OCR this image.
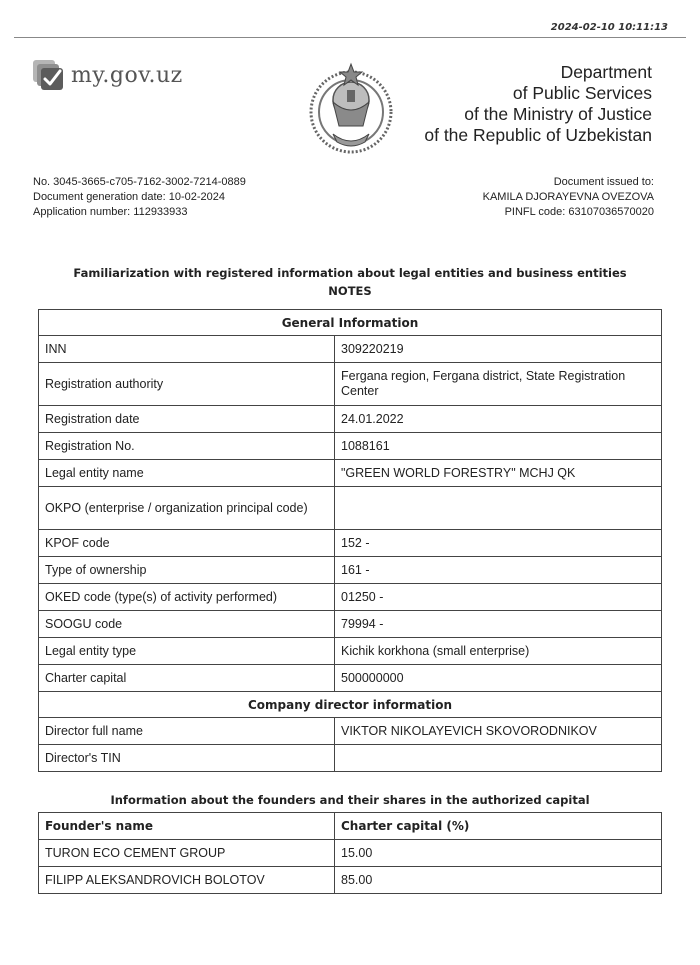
2024-02-10 10:11:13
my.gov.uz	Department
of Public Services
of the Ministry of Justice
of the Republic of Uzbekistan
No. 3045-3665-c705-7162-3002-7214-0889
Document generation date: 10-02-2024
Application number: 112933933
Document issued to:
KAMILA DJORAYEVNA OVEZOVA
PINFL code: 63107036570020
Familiarization with registered information about legal entities and business entities
NOTES
General Information	
INN	309220219
Registration authority	Fergana region, Fergana district, State Registration Center
Registration date	24.01.2022
Registration No.	1088161
Legal entity name	"GREEN WORLD FORESTRY" MCHJ QK
OKPO (enterprise / organization principal code)	
KPOF code	152 -
Type of ownership	161 -
OKED code (type(s) of activity performed)	01250 -
SOOGU code	79994 -
Legal entity type	Kichik korkhona (small enterprise)
Charter capital	500000000
Company director information	
Director full name	VIKTOR NIKOLAYEVICH SKOVORODNIKOV
Director's TIN	
Information about the founders and their shares in the authorized capital
Founder's name	Charter capital (%)
TURON ECO CEMENT GROUP	15.00
FILIPP ALEKSANDROVICH BOLOTOV	85.00
